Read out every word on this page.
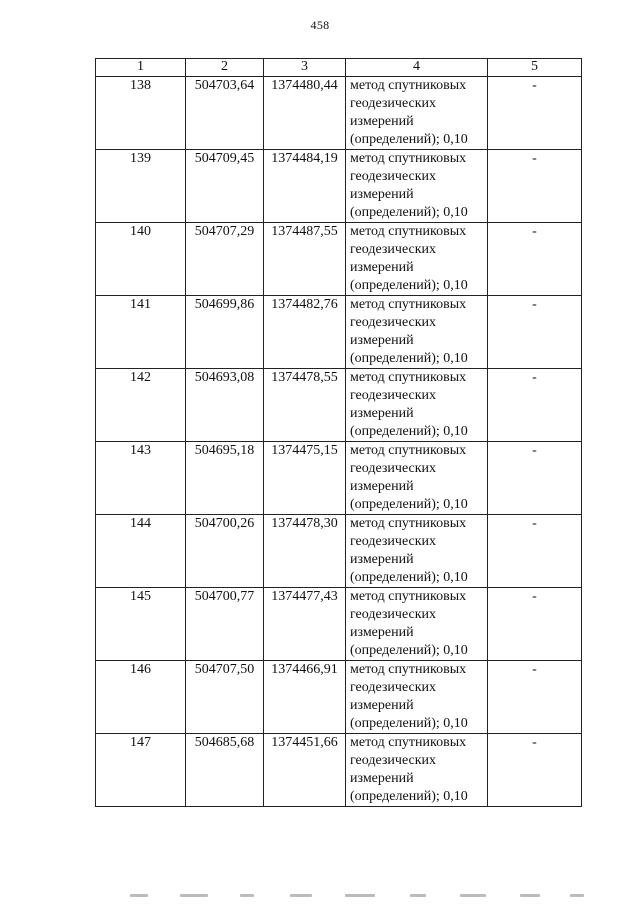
458
1	2	3	4	5
138	504703,64	1374480,44	метод спутниковых
геодезических
измерений
(определений); 0,10	-
139	504709,45	1374484,19	метод спутниковых
геодезических
измерений
(определений); 0,10	-
140	504707,29	1374487,55	метод спутниковых
геодезических
измерений
(определений); 0,10	-
141	504699,86	1374482,76	метод спутниковых
геодезических
измерений
(определений); 0,10	-
142	504693,08	1374478,55	метод спутниковых
геодезических
измерений
(определений); 0,10	-
143	504695,18	1374475,15	метод спутниковых
геодезических
измерений
(определений); 0,10	-
144	504700,26	1374478,30	метод спутниковых
геодезических
измерений
(определений); 0,10	-
145	504700,77	1374477,43	метод спутниковых
геодезических
измерений
(определений); 0,10	-
146	504707,50	1374466,91	метод спутниковых
геодезических
измерений
(определений); 0,10	-
147	504685,68	1374451,66	метод спутниковых
геодезических
измерений
(определений); 0,10	-
